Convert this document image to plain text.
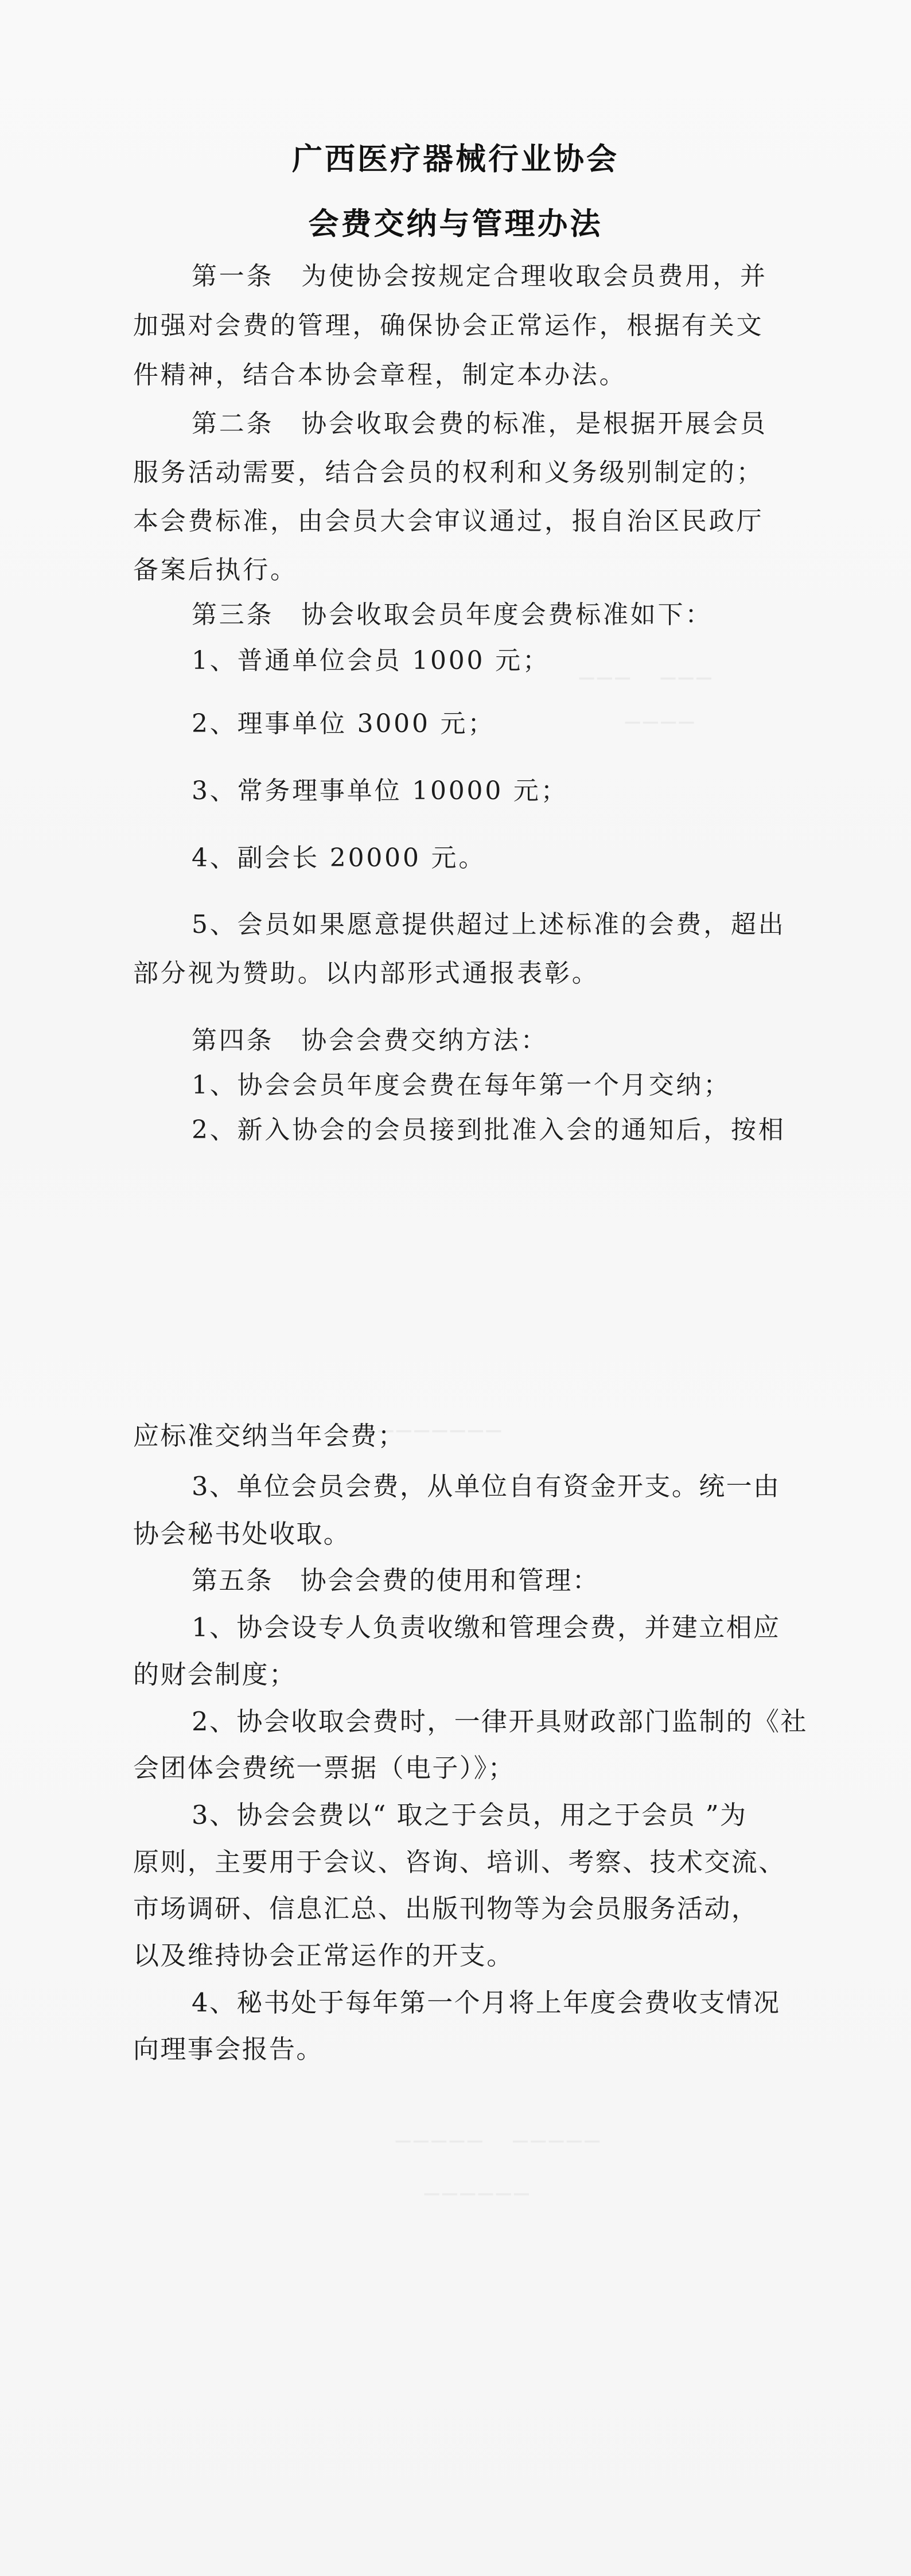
───　───
────
───────
─────　─────
──────
广西医疗器械行业协会
会费交纳与管理办法
第一条　为使协会按规定合理收取会员费用，并
加强对会费的管理，确保协会正常运作，根据有关文
件精神，结合本协会章程，制定本办法。
第二条　协会收取会费的标准，是根据开展会员
服务活动需要，结合会员的权利和义务级别制定的；
本会费标准，由会员大会审议通过，报自治区民政厅
备案后执行。
第三条　协会收取会员年度会费标准如下：
1、普通单位会员 1000 元；
2、理事单位 3000 元；
3、常务理事单位 10000 元；
4、副会长 20000 元。
5、会员如果愿意提供超过上述标准的会费，超出
部分视为赞助。以内部形式通报表彰。
第四条　协会会费交纳方法：
1、协会会员年度会费在每年第一个月交纳；
2、新入协会的会员接到批准入会的通知后，按相
应标准交纳当年会费；
3、单位会员会费，从单位自有资金开支。统一由
协会秘书处收取。
第五条　协会会费的使用和管理：
1、协会设专人负责收缴和管理会费，并建立相应
的财会制度；
2、协会收取会费时，一律开具财政部门监制的《社
会团体会费统一票据（电子）》；
3、协会会费以“ 取之于会员，用之于会员 ”为
原则，主要用于会议、咨询、培训、考察、技术交流、
市场调研、信息汇总、出版刊物等为会员服务活动，
以及维持协会正常运作的开支。
4、秘书处于每年第一个月将上年度会费收支情况
向理事会报告。
